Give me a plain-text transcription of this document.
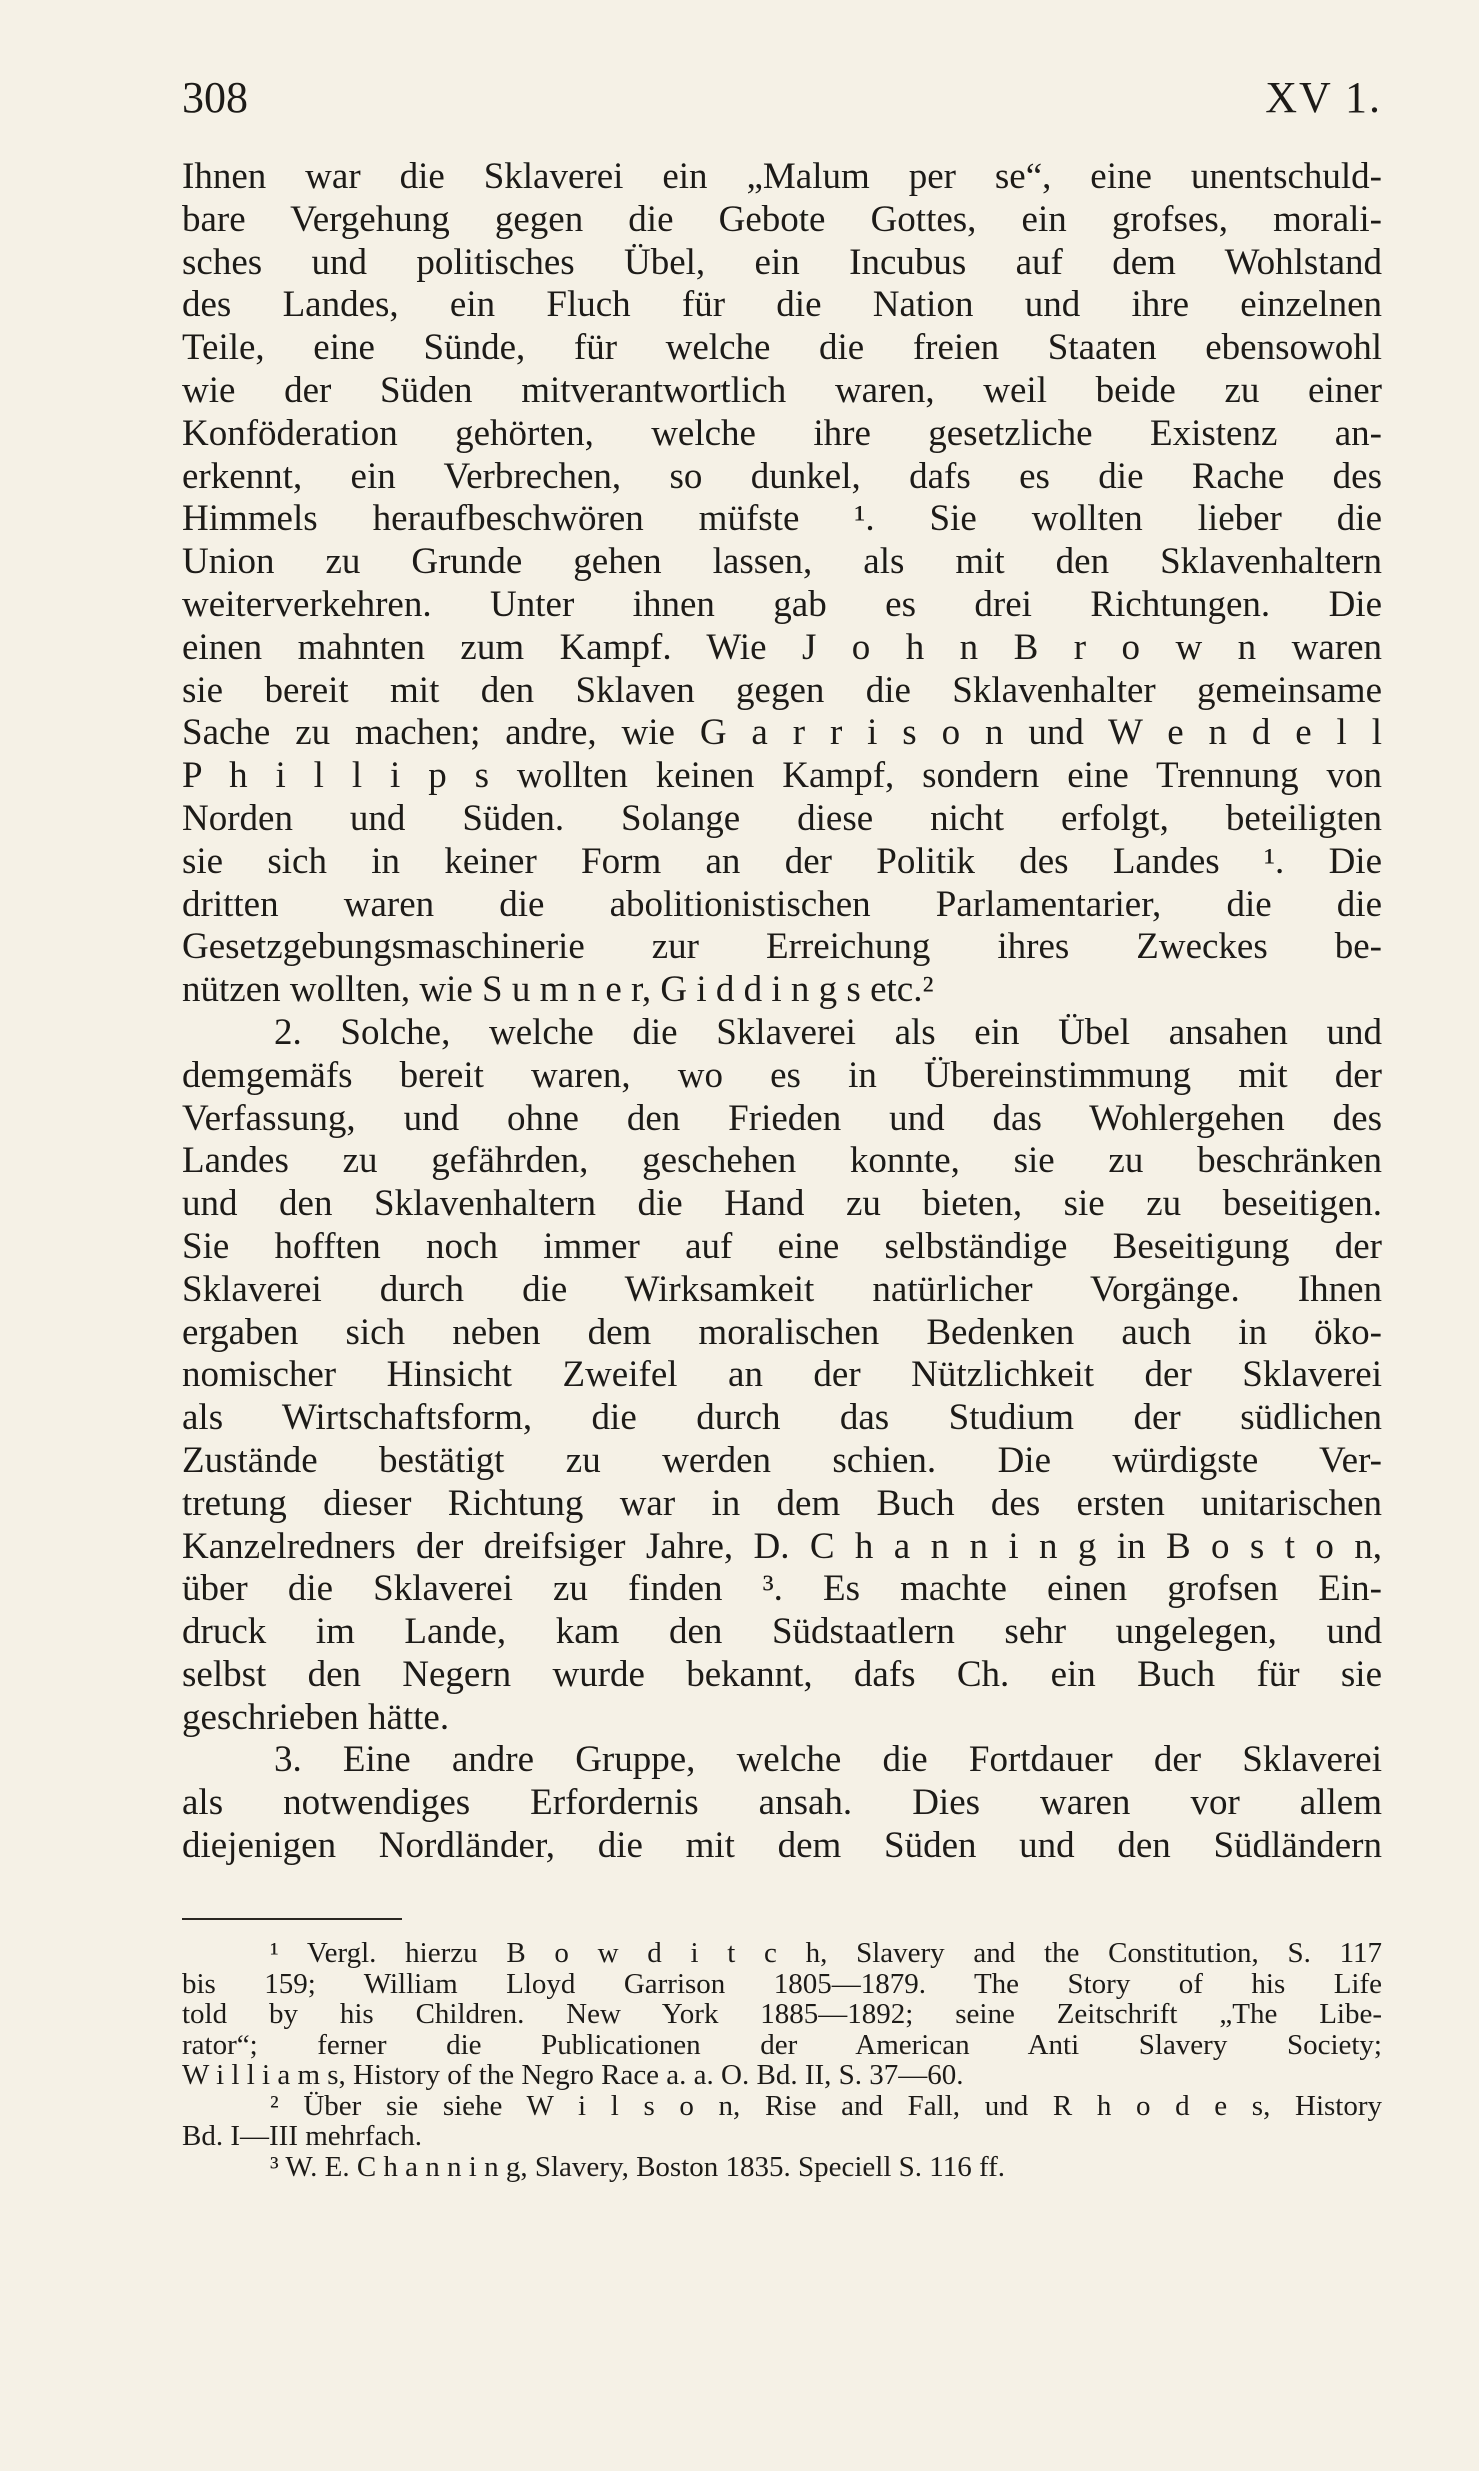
308	XV 1.
Ihnen war die Sklaverei ein „Malum per se“, eine unentschuld-
bare Vergehung gegen die Gebote Gottes, ein grofses, morali-
sches und politisches Übel, ein Incubus auf dem Wohlstand
des Landes, ein Fluch für die Nation und ihre einzelnen
Teile, eine Sünde, für welche die freien Staaten ebensowohl
wie der Süden mitverantwortlich waren, weil beide zu einer
Konföderation gehörten, welche ihre gesetzliche Existenz an-
erkennt, ein Verbrechen, so dunkel, dafs es die Rache des
Himmels heraufbeschwören müfste ¹. Sie wollten lieber die
Union zu Grunde gehen lassen, als mit den Sklavenhaltern
weiterverkehren. Unter ihnen gab es drei Richtungen. Die
einen mahnten zum Kampf. Wie J o h n B r o w n waren
sie bereit mit den Sklaven gegen die Sklavenhalter gemeinsame
Sache zu machen; andre, wie G a r r i s o n und W e n d e l l
P h i l l i p s wollten keinen Kampf, sondern eine Trennung von
Norden und Süden. Solange diese nicht erfolgt, beteiligten
sie sich in keiner Form an der Politik des Landes ¹. Die
dritten waren die abolitionistischen Parlamentarier, die die
Gesetzgebungsmaschinerie zur Erreichung ihres Zweckes be-
nützen wollten, wie S u m n e r, G i d d i n g s etc.²
2. Solche, welche die Sklaverei als ein Übel ansahen und
demgemäfs bereit waren, wo es in Übereinstimmung mit der
Verfassung, und ohne den Frieden und das Wohlergehen des
Landes zu gefährden, geschehen konnte, sie zu beschränken
und den Sklavenhaltern die Hand zu bieten, sie zu beseitigen.
Sie hofften noch immer auf eine selbständige Beseitigung der
Sklaverei durch die Wirksamkeit natürlicher Vorgänge. Ihnen
ergaben sich neben dem moralischen Bedenken auch in öko-
nomischer Hinsicht Zweifel an der Nützlichkeit der Sklaverei
als Wirtschaftsform, die durch das Studium der südlichen
Zustände bestätigt zu werden schien. Die würdigste Ver-
tretung dieser Richtung war in dem Buch des ersten unitarischen
Kanzelredners der dreifsiger Jahre, D. C h a n n i n g in B o s t o n,
über die Sklaverei zu finden ³. Es machte einen grofsen Ein-
druck im Lande, kam den Südstaatlern sehr ungelegen, und
selbst den Negern wurde bekannt, dafs Ch. ein Buch für sie
geschrieben hätte.
3. Eine andre Gruppe, welche die Fortdauer der Sklaverei
als notwendiges Erfordernis ansah. Dies waren vor allem
diejenigen Nordländer, die mit dem Süden und den Südländern
¹ Vergl. hierzu B o w d i t c h, Slavery and the Constitution, S. 117
bis 159; William Lloyd Garrison 1805—1879. The Story of his Life
told by his Children. New York 1885—1892; seine Zeitschrift „The Libe-
rator“; ferner die Publicationen der American Anti Slavery Society;
W i l l i a m s, History of the Negro Race a. a. O. Bd. II, S. 37—60.
² Über sie siehe W i l s o n, Rise and Fall, und R h o d e s, History
Bd. I—III mehrfach.
³ W. E. C h a n n i n g, Slavery, Boston 1835. Speciell S. 116 ff.
